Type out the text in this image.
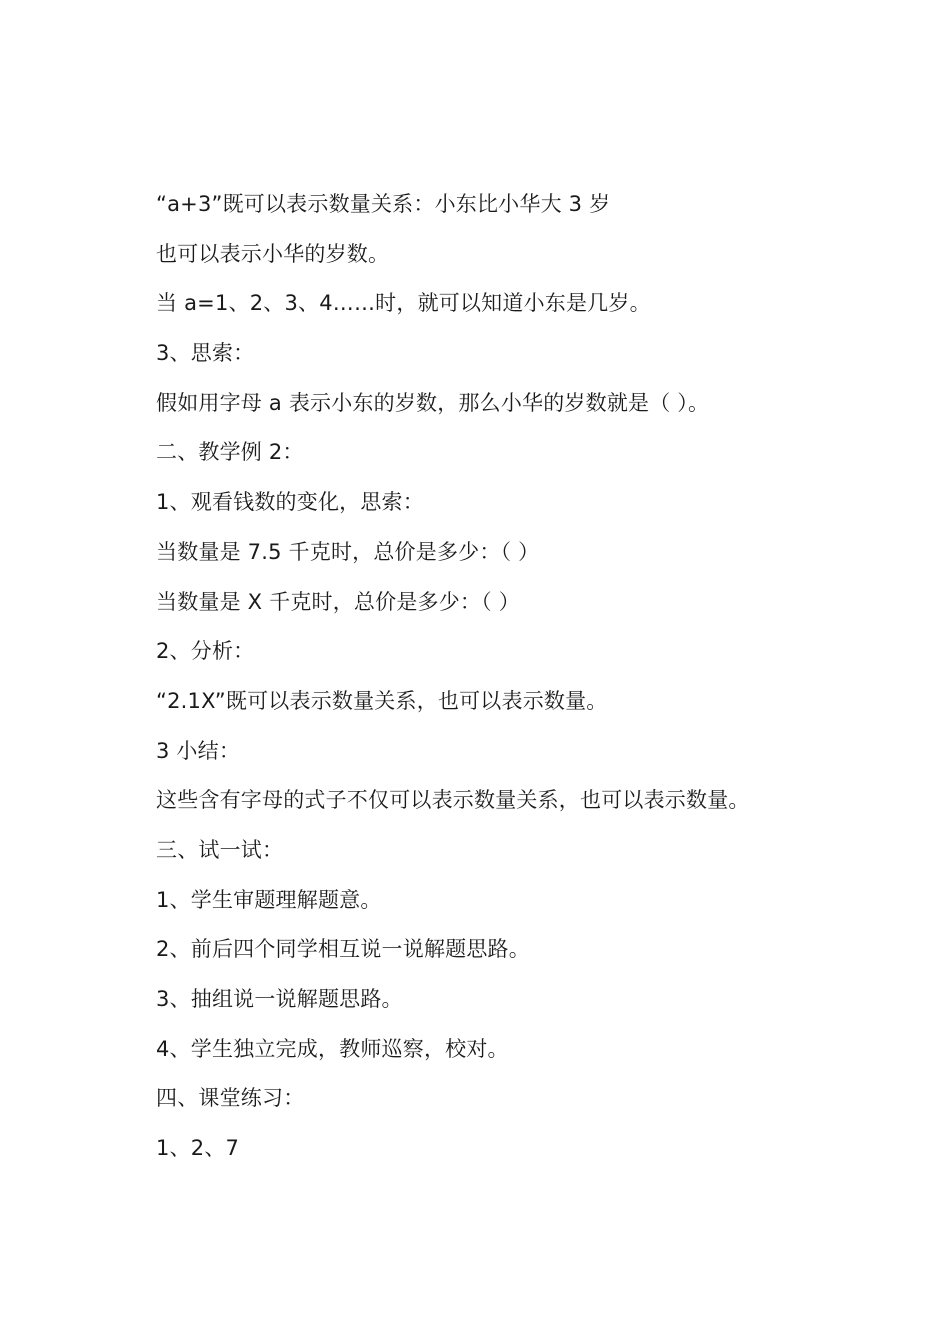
“a+3”既可以表示数量关系：小东比小华大 3 岁

也可以表示小华的岁数。

当 a=1、2、3、4……时，就可以知道小东是几岁。

3、思索：

假如用字母 a 表示小东的岁数，那么小华的岁数就是（ ）。

二、教学例 2：

1、观看钱数的变化，思索：

当数量是 7.5 千克时，总价是多少：（ ）

当数量是 X 千克时，总价是多少：（ ）

2、分析：

“2.1X”既可以表示数量关系，也可以表示数量。

3 小结：

这些含有字母的式子不仅可以表示数量关系，也可以表示数量。

三、试一试：

1、学生审题理解题意。

2、前后四个同学相互说一说解题思路。

3、抽组说一说解题思路。

4、学生独立完成，教师巡察，校对。

四、课堂练习：

1、2、7
